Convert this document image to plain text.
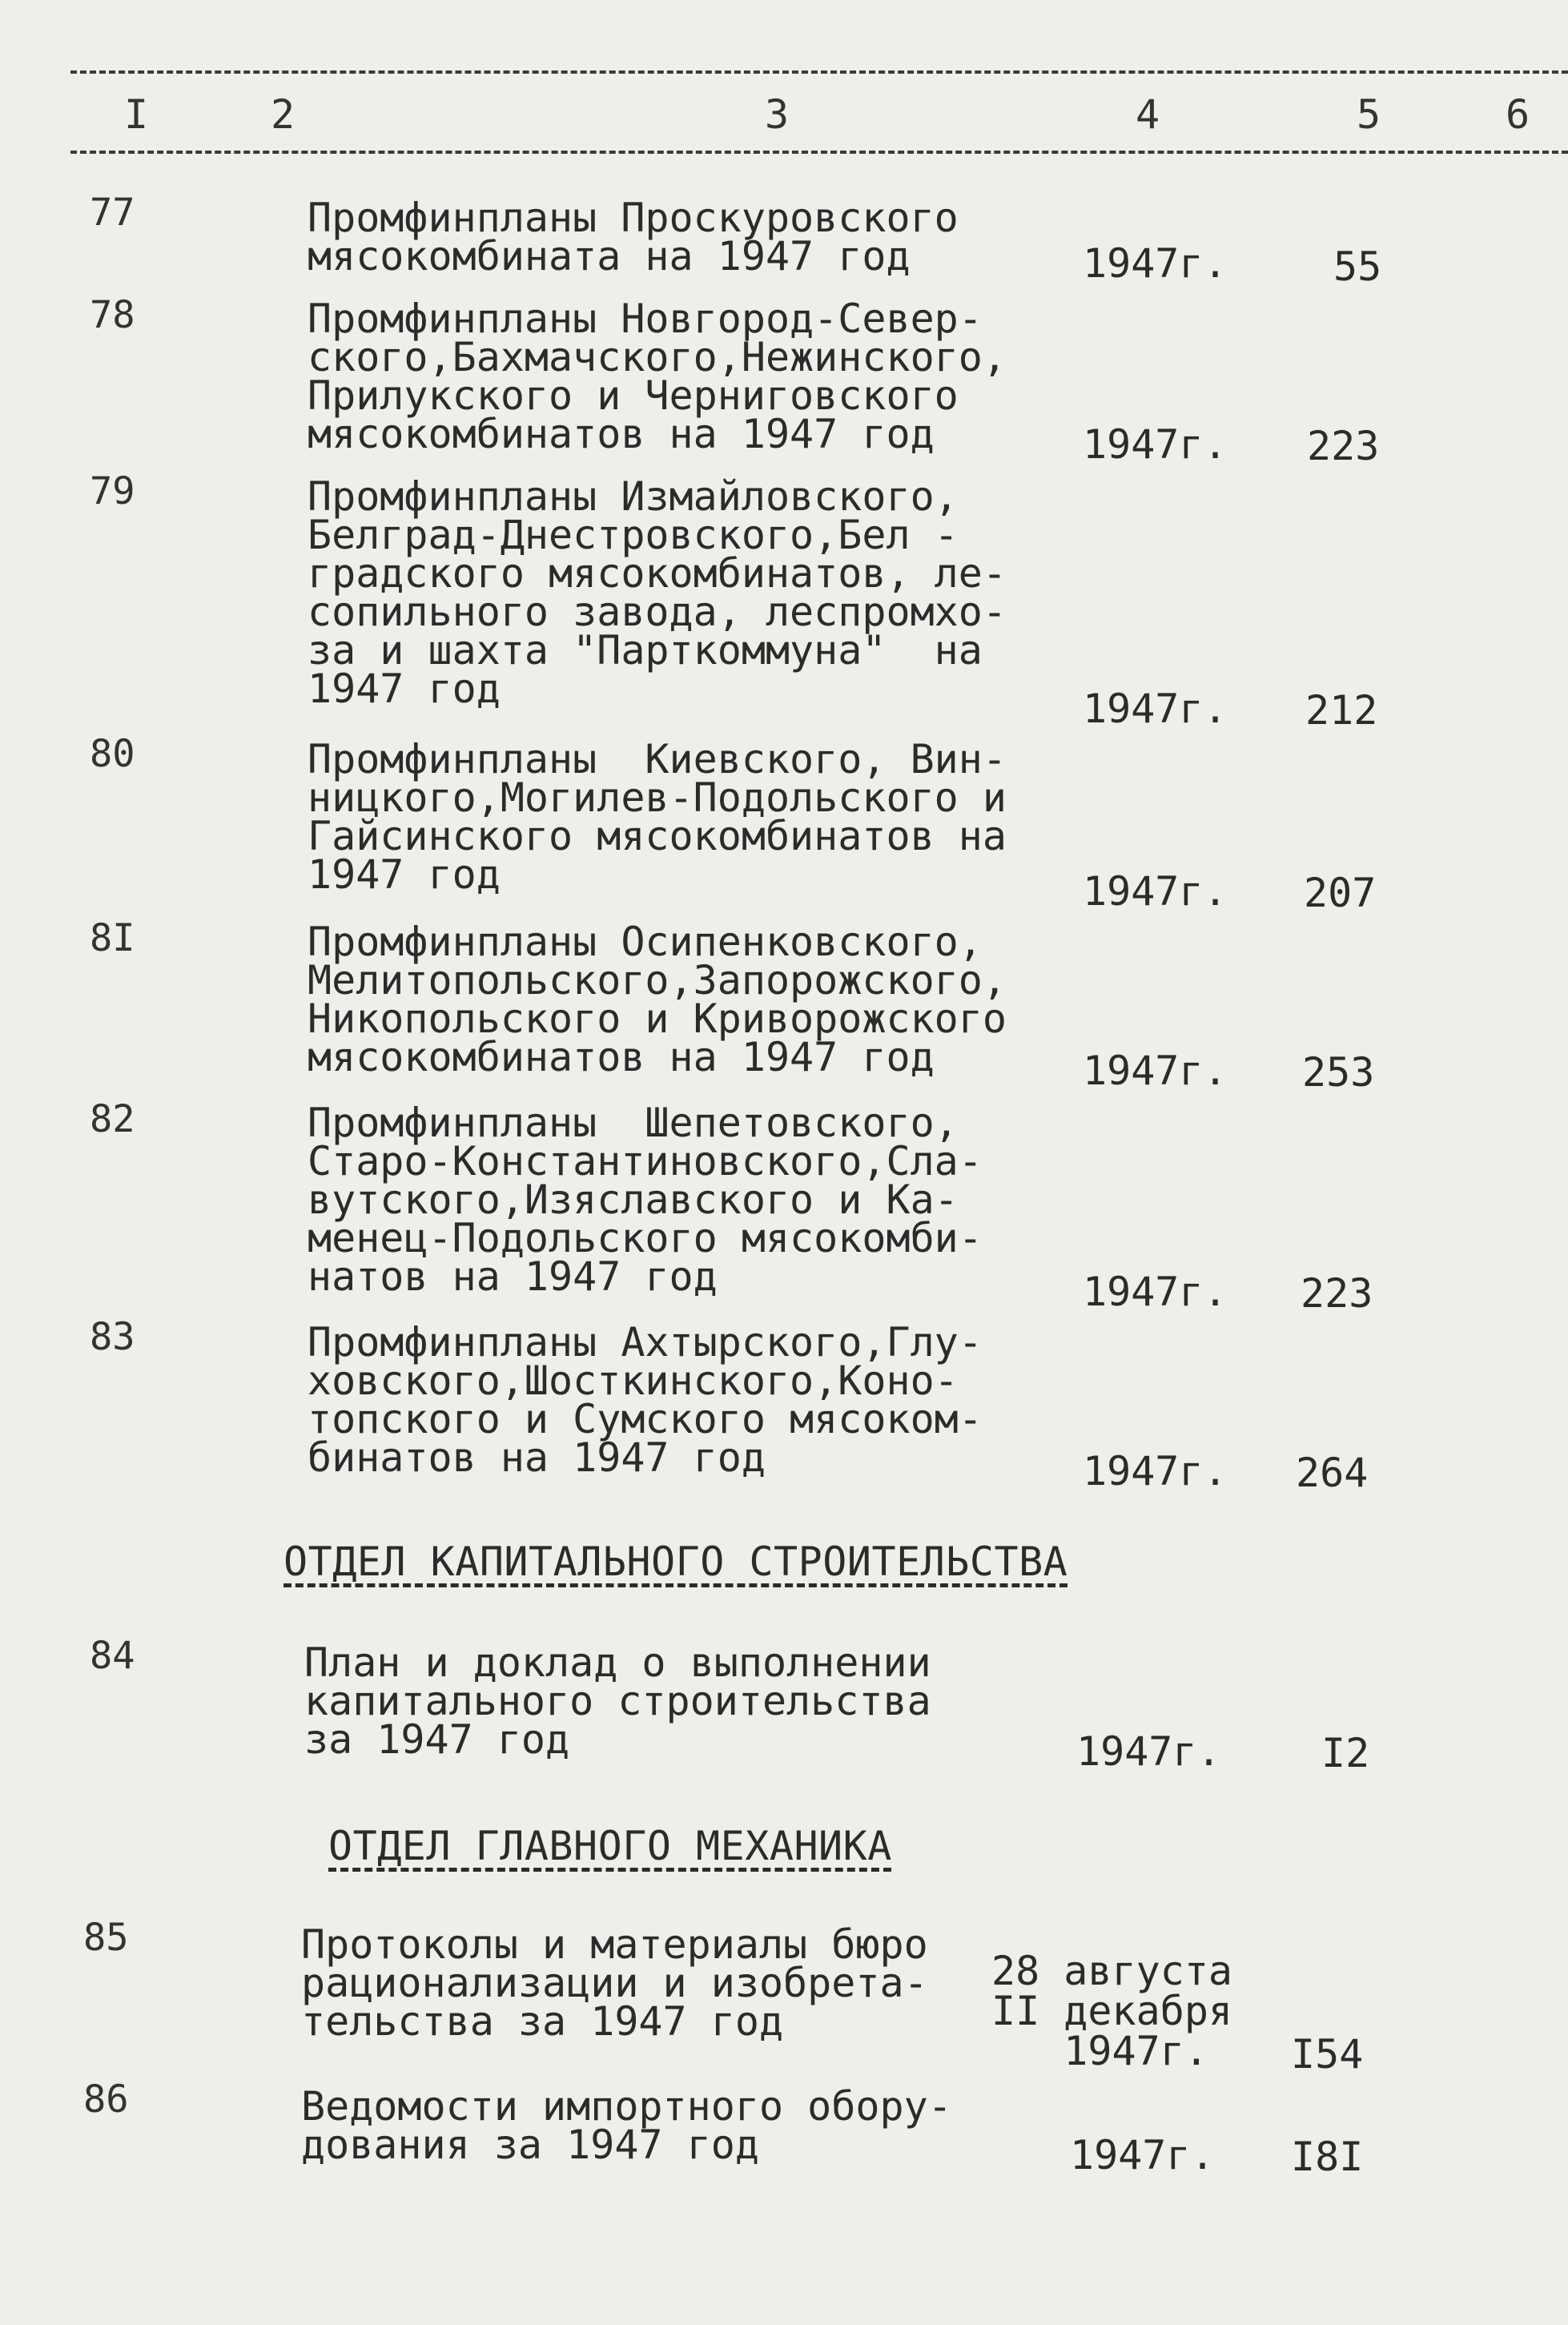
I	2	3	4	5	6
77	Промфинпланы Проскуровского
мясокомбината на 1947 год	1947г.	55
78	Промфинпланы Новгород-Север-
ского,Бахмачского,Нежинского,
Прилукского и Черниговского
мясокомбинатов на 1947 год	1947г. 223
79	Промфинпланы Измайловского,
Белград-Днестровского,Бел -
градского мясокомбинатов, ле-
сопильного завода, леспромхо-
за и шахта "Парткоммуна"  на
1947 год	1947г. 212
80	Промфинпланы  Киевского, Вин-
ницкого,Могилев-Подольского и
Гайсинского мясокомбинатов на
1947 год	1947г. 207
8I	Промфинпланы Осипенковского,
Мелитопольского,Запорожского,
Никопольского и Криворожского
мясокомбинатов на 1947 год	1947г. 253
82	Промфинпланы  Шепетовского,
Старо-Константиновского,Сла-
вутского,Изяславского и Ка-
менец-Подольского мясокомби-
натов на 1947 год	1947г. 223
83	Промфинпланы Ахтырского,Глу-
ховского,Шосткинского,Коно-
топского и Сумского мясоком-
бинатов на 1947 год	1947г. 264
ОТДЕЛ КАПИТАЛЬНОГО СТРОИТЕЛЬСТВА
84	План и доклад о выполнении
капитального строительства
за 1947 год	1947г.	I2
ОТДЕЛ ГЛАВНОГО МЕХАНИКА
85	Протоколы и материалы бюро
рационализации и изобрета-
тельства за 1947 год
28 августа
II декабря
1947г.	I54
86	Ведомости импортного обору-
дования за 1947 год	1947г. I8I
